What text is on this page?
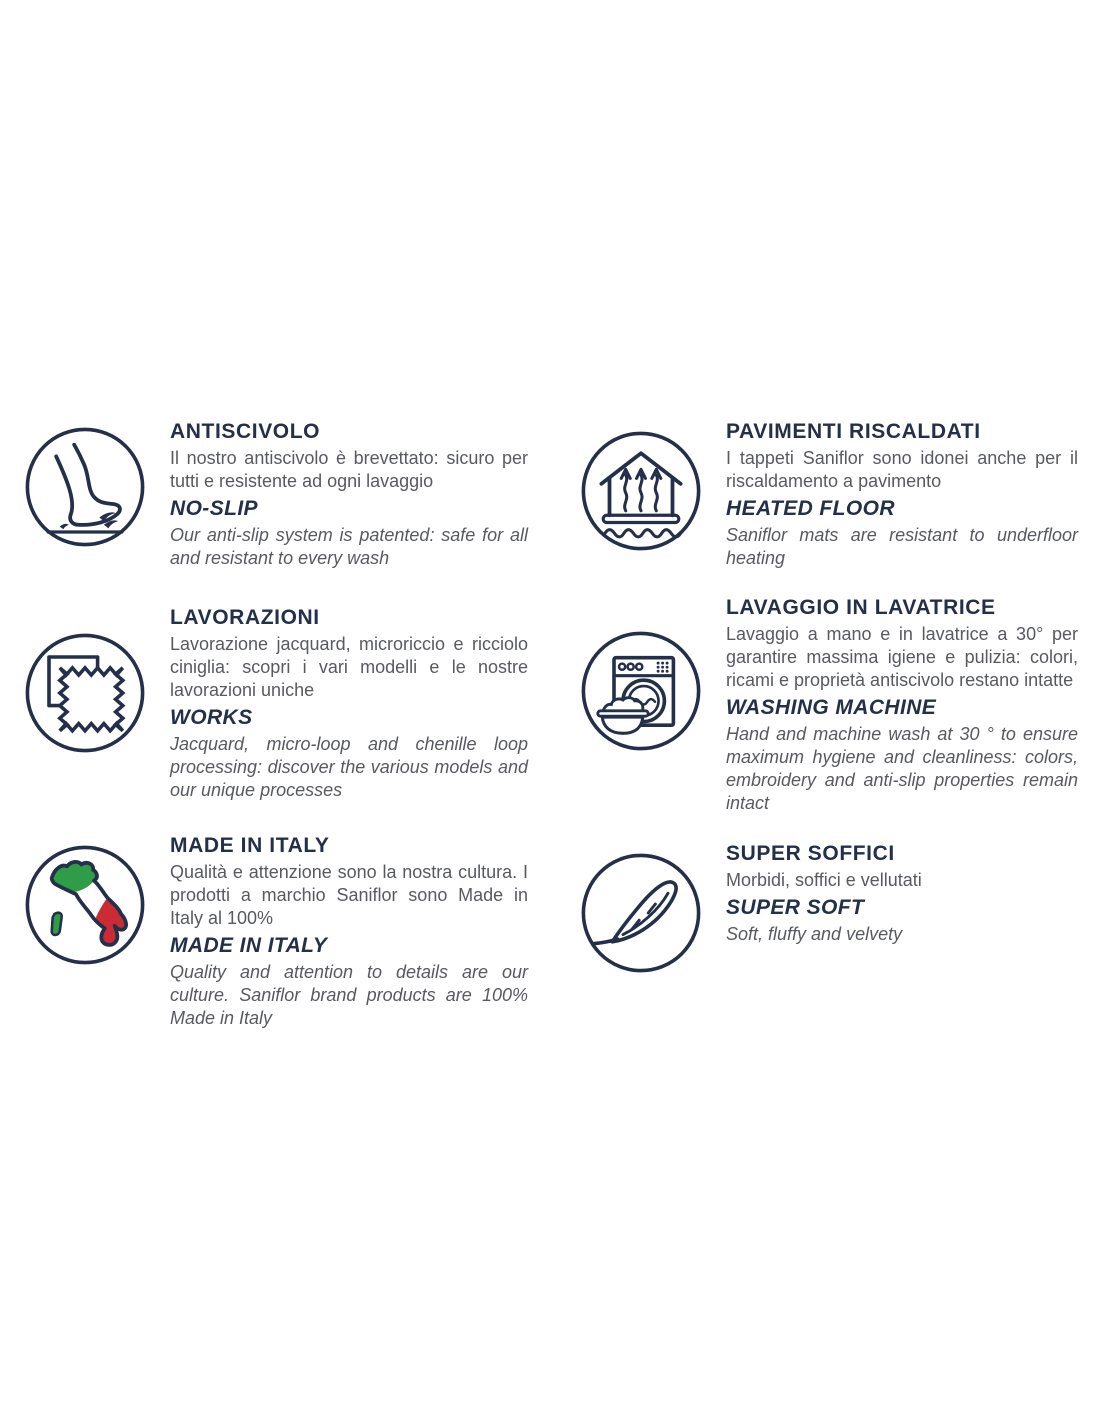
ANTISCIVOLO

Il nostro antiscivolo è brevettato: sicuro per tutti e resistente ad ogni lavaggio

NO-SLIP

Our anti-slip system is patented: safe for all and resistant to every wash

LAVORAZIONI

Lavorazione jacquard, microriccio e ricciolo ciniglia: scopri i vari modelli e le nostre lavorazioni uniche

WORKS

Jacquard, micro-loop and chenille loop processing: discover the various models and our unique processes

MADE IN ITALY

Qualità e attenzione sono la nostra cultura. I prodotti a marchio Saniflor sono Made in Italy al 100%

MADE IN ITALY

Quality and attention to details are our culture. Saniflor brand products are 100% Made in Italy

PAVIMENTI RISCALDATI

I tappeti Saniflor sono idonei anche per il riscaldamento a pavimento

HEATED FLOOR

Saniflor mats are resistant to underfloor heating

LAVAGGIO IN LAVATRICE

Lavaggio a mano e in lavatrice a 30° per garantire massima igiene e pulizia: colori, ricami e proprietà antiscivolo restano intatte

WASHING MACHINE

Hand and machine wash at 30 ° to ensure maximum hygiene and cleanliness: colors, embroidery and anti-slip properties remain intact

SUPER SOFFICI

Morbidi, soffici e vellutati

SUPER SOFT

Soft, fluffy and velvety
